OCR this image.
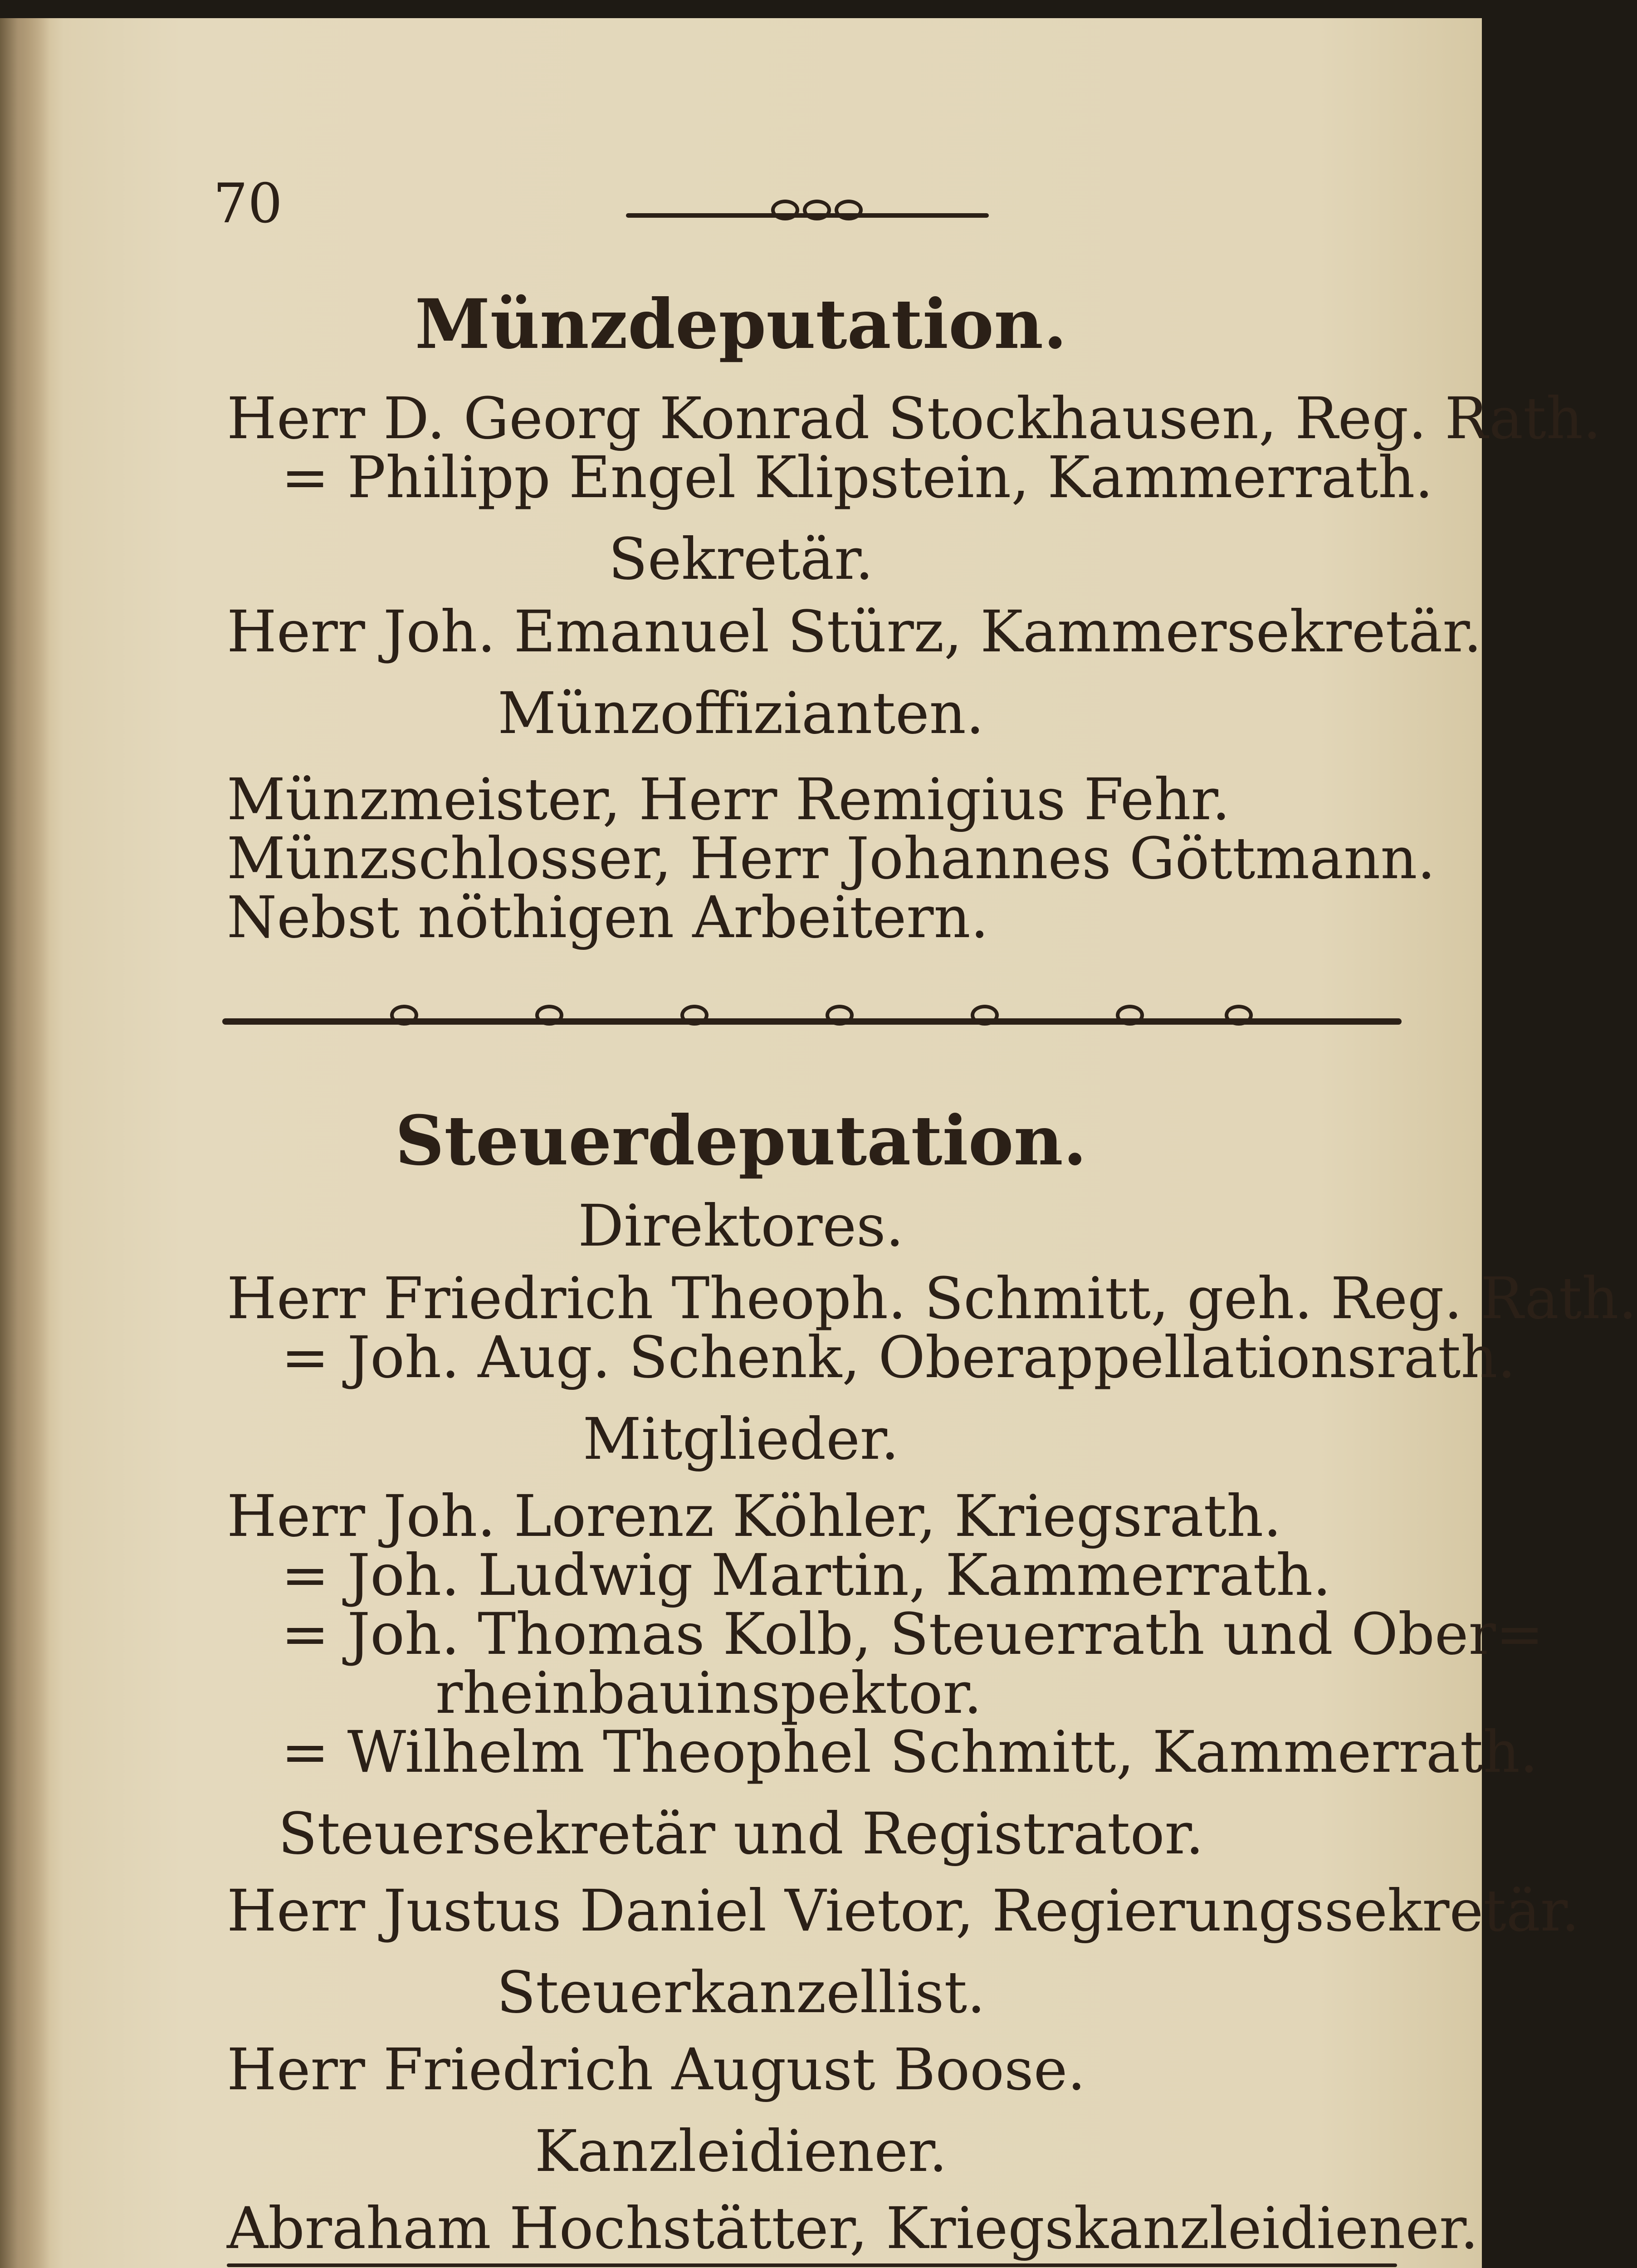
70
Münzdeputation.
Herr D. Georg Konrad Stockhausen, Reg. Rath.
= Philipp Engel Klipstein, Kammerrath.
Sekretär.
Herr Joh. Emanuel Stürz, Kammersekretär.
Münzoffizianten.
Münzmeister, Herr Remigius Fehr.
Münzschlosser, Herr Johannes Göttmann.
Nebst nöthigen Arbeitern.
Steuerdeputation.
Direktores.
Herr Friedrich Theoph. Schmitt, geh. Reg. Rath.
= Joh. Aug. Schenk, Oberappellationsrath.
Mitglieder.
Herr Joh. Lorenz Köhler, Kriegsrath.
= Joh. Ludwig Martin, Kammerrath.
= Joh. Thomas Kolb, Steuerrath und Ober=
rheinbauinspektor.
= Wilhelm Theophel Schmitt, Kammerrath.
Steuersekretär und Registrator.
Herr Justus Daniel Vietor, Regierungssekretär.
Steuerkanzellist.
Herr Friedrich August Boose.
Kanzleidiener.
Abraham Hochstätter, Kriegskanzleidiener.
